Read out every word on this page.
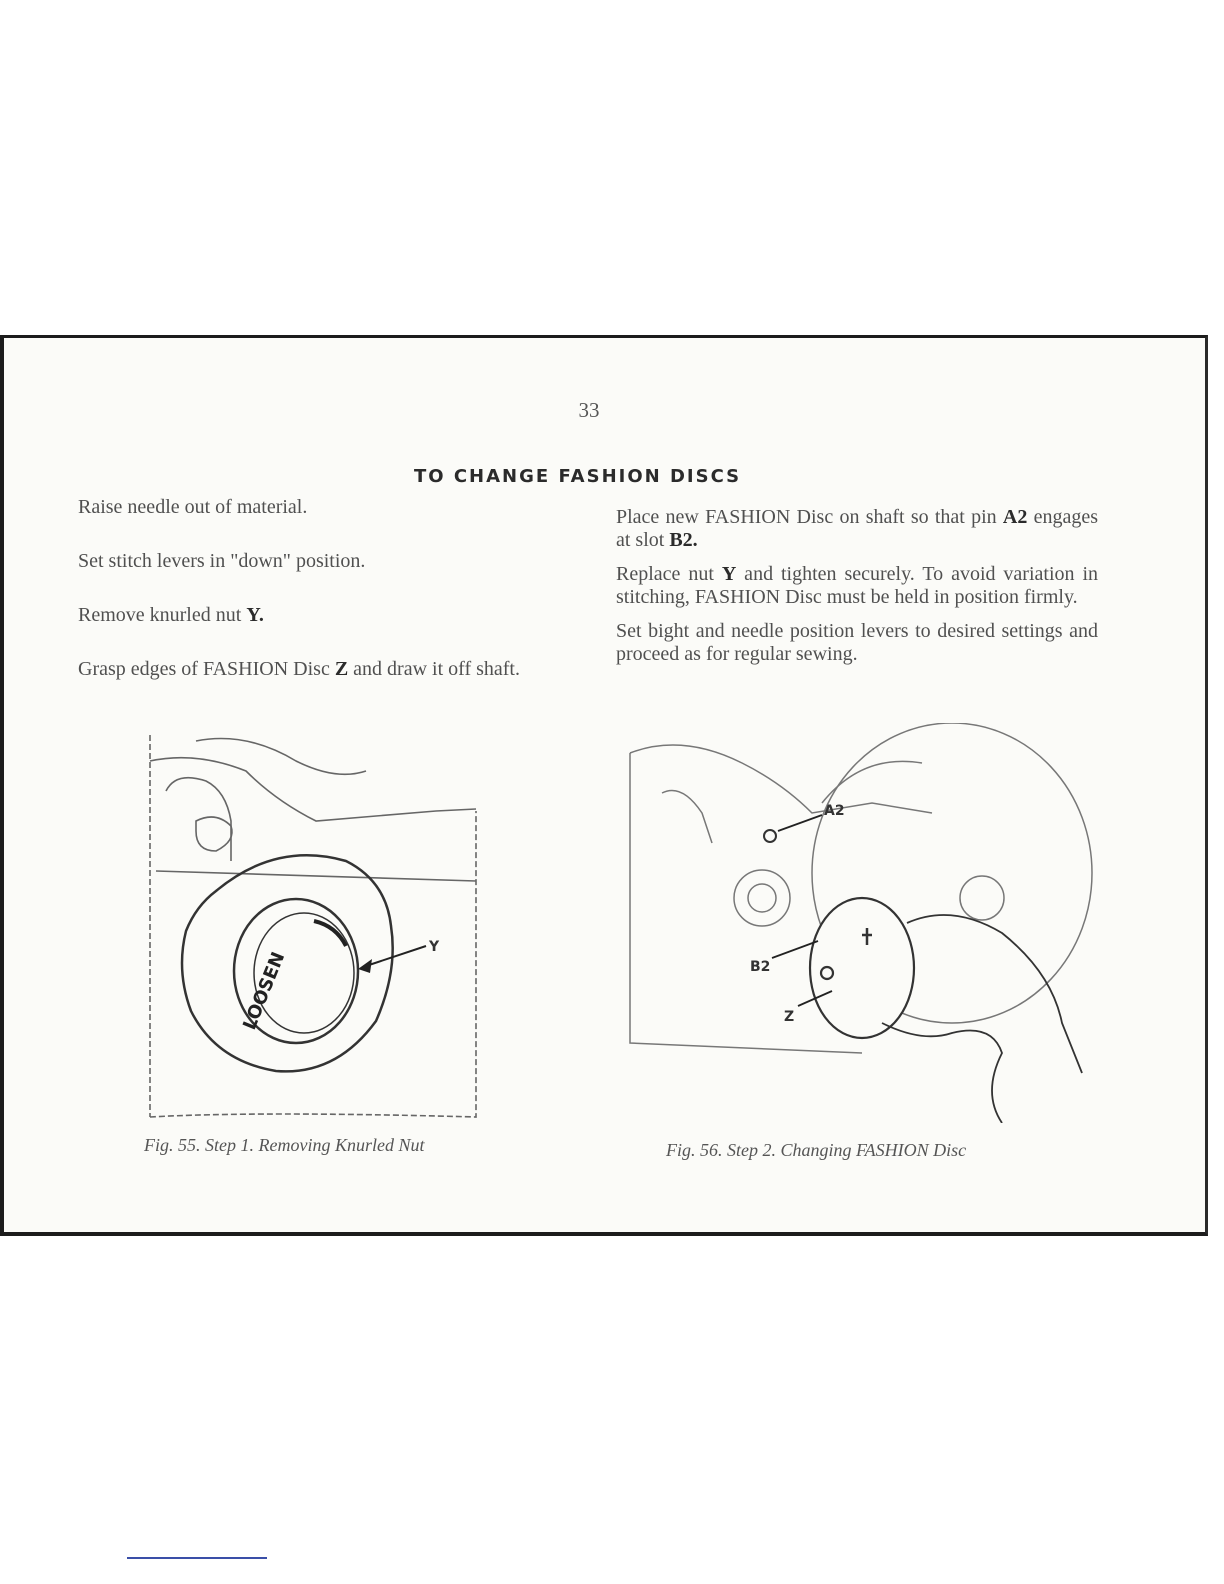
33
TO CHANGE FASHION DISCS

Raise needle out of material.

Set stitch levers in "down" position.

Remove knurled nut Y.

Grasp edges of FASHION Disc Z and draw it off shaft.

Place new FASHION Disc on shaft so that pin A2 engages at slot B2.

Replace nut Y and tighten securely. To avoid variation in stitching, FASHION Disc must be held in position firmly.

Set bight and needle position levers to desired settings and proceed as for regular sewing.

LOOSEN
Y
Fig. 55. Step 1. Removing Knurled Nut
A2
B2
Z
Fig. 56. Step 2. Changing FASHION Disc
